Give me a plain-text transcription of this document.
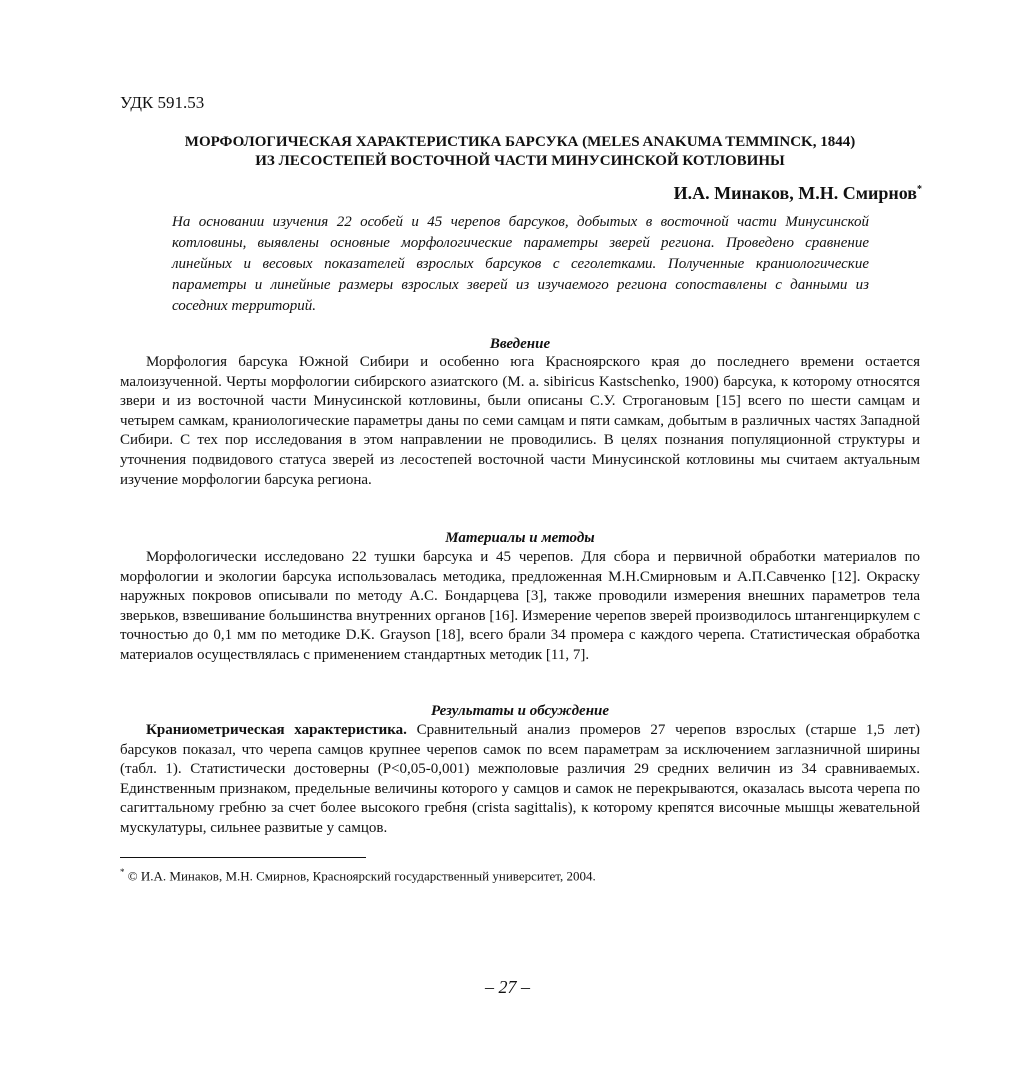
УДК 591.53
МОРФОЛОГИЧЕСКАЯ ХАРАКТЕРИСТИКА БАРСУКА (MELES ANAKUMA TEMMINCK, 1844)
ИЗ ЛЕСОСТЕПЕЙ ВОСТОЧНОЙ ЧАСТИ МИНУСИНСКОЙ КОТЛОВИНЫ
И.А. Минаков, М.Н. Смирнов*
На основании изучения 22 особей и 45 черепов барсуков, добытых в восточной части Минусинской котловины, выявлены основные морфологические параметры зверей региона. Проведено сравнение линейных и весовых показателей взрослых барсуков с сеголетками. Полученные краниологические параметры и линейные размеры взрослых зверей из изучаемого региона сопоставлены с данными из соседних территорий.
Введение
Морфология барсука Южной Сибири и особенно юга Красноярского края до последнего времени остается малоизученной. Черты морфологии сибирского азиатского (M. a. sibiricus Kastschenko, 1900) барсука, к которому относятся звери и из восточной части Минусинской котловины, были описаны С.У. Строгановым [15] всего по шести самцам и четырем самкам, краниологические параметры даны по семи самцам и пяти самкам, добытым в различных частях Западной Сибири. С тех пор исследования в этом направлении не проводились. В целях познания популяционной структуры и уточнения подвидового статуса зверей из лесостепей восточной части Минусинской котловины мы считаем актуальным изучение морфологии барсука региона.
Материалы и методы
Морфологически исследовано 22 тушки барсука и 45 черепов. Для сбора и первичной обработки материалов по морфологии и экологии барсука использовалась методика, предложенная М.Н.Смирновым и А.П.Савченко [12]. Окраску наружных покровов описывали по методу А.С. Бондарцева [3], также проводили измерения внешних параметров тела зверьков, взвешивание большинства внутренних органов [16]. Измерение черепов зверей производилось штангенциркулем с точностью до 0,1 мм по методике D.K. Grayson [18], всего брали 34 промера с каждого черепа. Статистическая обработка материалов осуществлялась с применением стандартных методик [11, 7].
Результаты и обсуждение
Краниометрическая характеристика. Сравнительный анализ промеров 27 черепов взрослых (старше 1,5 лет) барсуков показал, что черепа самцов крупнее черепов самок по всем параметрам за исключением заглазничной ширины (табл. 1). Статистически достоверны (P<0,05-0,001) межполовые различия 29 средних величин из 34 сравниваемых. Единственным признаком, предельные величины которого у самцов и самок не перекрываются, оказалась высота черепа по сагиттальному гребню за счет более высокого гребня (crista sagittalis), к которому крепятся височные мышцы жевательной мускулатуры, сильнее развитые у самцов.
* © И.А. Минаков, М.Н. Смирнов, Красноярский государственный университет, 2004.
– 27 –
